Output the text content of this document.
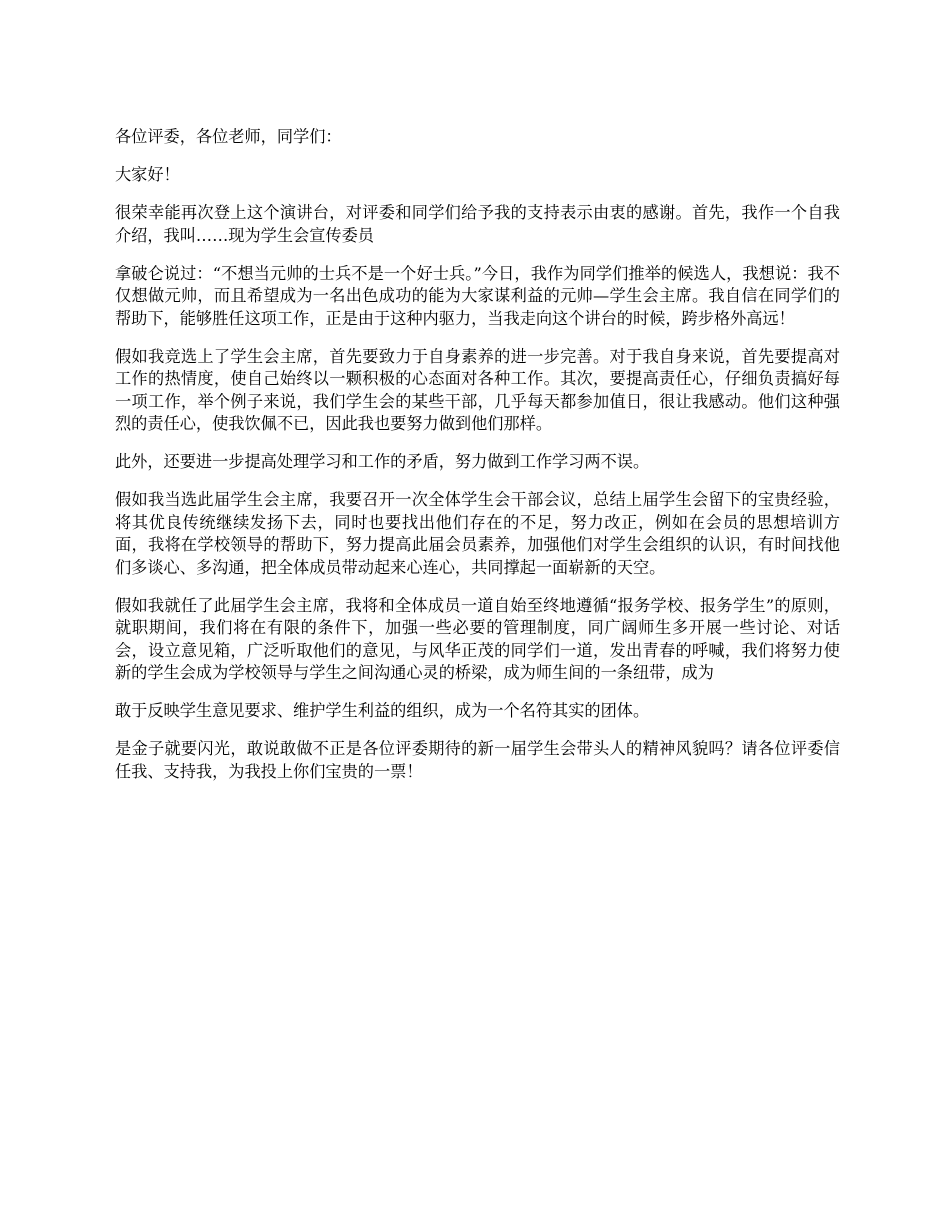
各位评委，各位老师，同学们：

大家好！

很荣幸能再次登上这个演讲台，对评委和同学们给予我的支持表示由衷的感谢。首先，我作一个自我介绍，我叫……现为学生会宣传委员

拿破仑说过：“不想当元帅的士兵不是一个好士兵。”今日，我作为同学们推举的候选人，我想说：我不仅想做元帅，而且希望成为一名出色成功的能为大家谋利益的元帅—学生会主席。我自信在同学们的帮助下，能够胜任这项工作，正是由于这种内驱力，当我走向这个讲台的时候，跨步格外高远！

假如我竞选上了学生会主席，首先要致力于自身素养的进一步完善。对于我自身来说，首先要提高对工作的热情度，使自己始终以一颗积极的心态面对各种工作。其次，要提高责任心，仔细负责搞好每一项工作，举个例子来说，我们学生会的某些干部，几乎每天都参加值日，很让我感动。他们这种强烈的责任心，使我饮佩不已，因此我也要努力做到他们那样。

此外，还要进一步提高处理学习和工作的矛盾，努力做到工作学习两不误。

假如我当选此届学生会主席，我要召开一次全体学生会干部会议，总结上届学生会留下的宝贵经验，将其优良传统继续发扬下去，同时也要找出他们存在的不足，努力改正，例如在会员的思想培训方面，我将在学校领导的帮助下，努力提高此届会员素养，加强他们对学生会组织的认识，有时间找他们多谈心、多沟通，把全体成员带动起来心连心，共同撑起一面崭新的天空。

假如我就任了此届学生会主席，我将和全体成员一道自始至终地遵循“报务学校、报务学生”的原则，就职期间，我们将在有限的条件下，加强一些必要的管理制度，同广阔师生多开展一些讨论、对话会，设立意见箱，广泛听取他们的意见，与风华正茂的同学们一道，发出青春的呼喊，我们将努力使新的学生会成为学校领导与学生之间沟通心灵的桥梁，成为师生间的一条纽带，成为

敢于反映学生意见要求、维护学生利益的组织，成为一个名符其实的团体。

是金子就要闪光，敢说敢做不正是各位评委期待的新一届学生会带头人的精神风貌吗？请各位评委信任我、支持我，为我投上你们宝贵的一票！
